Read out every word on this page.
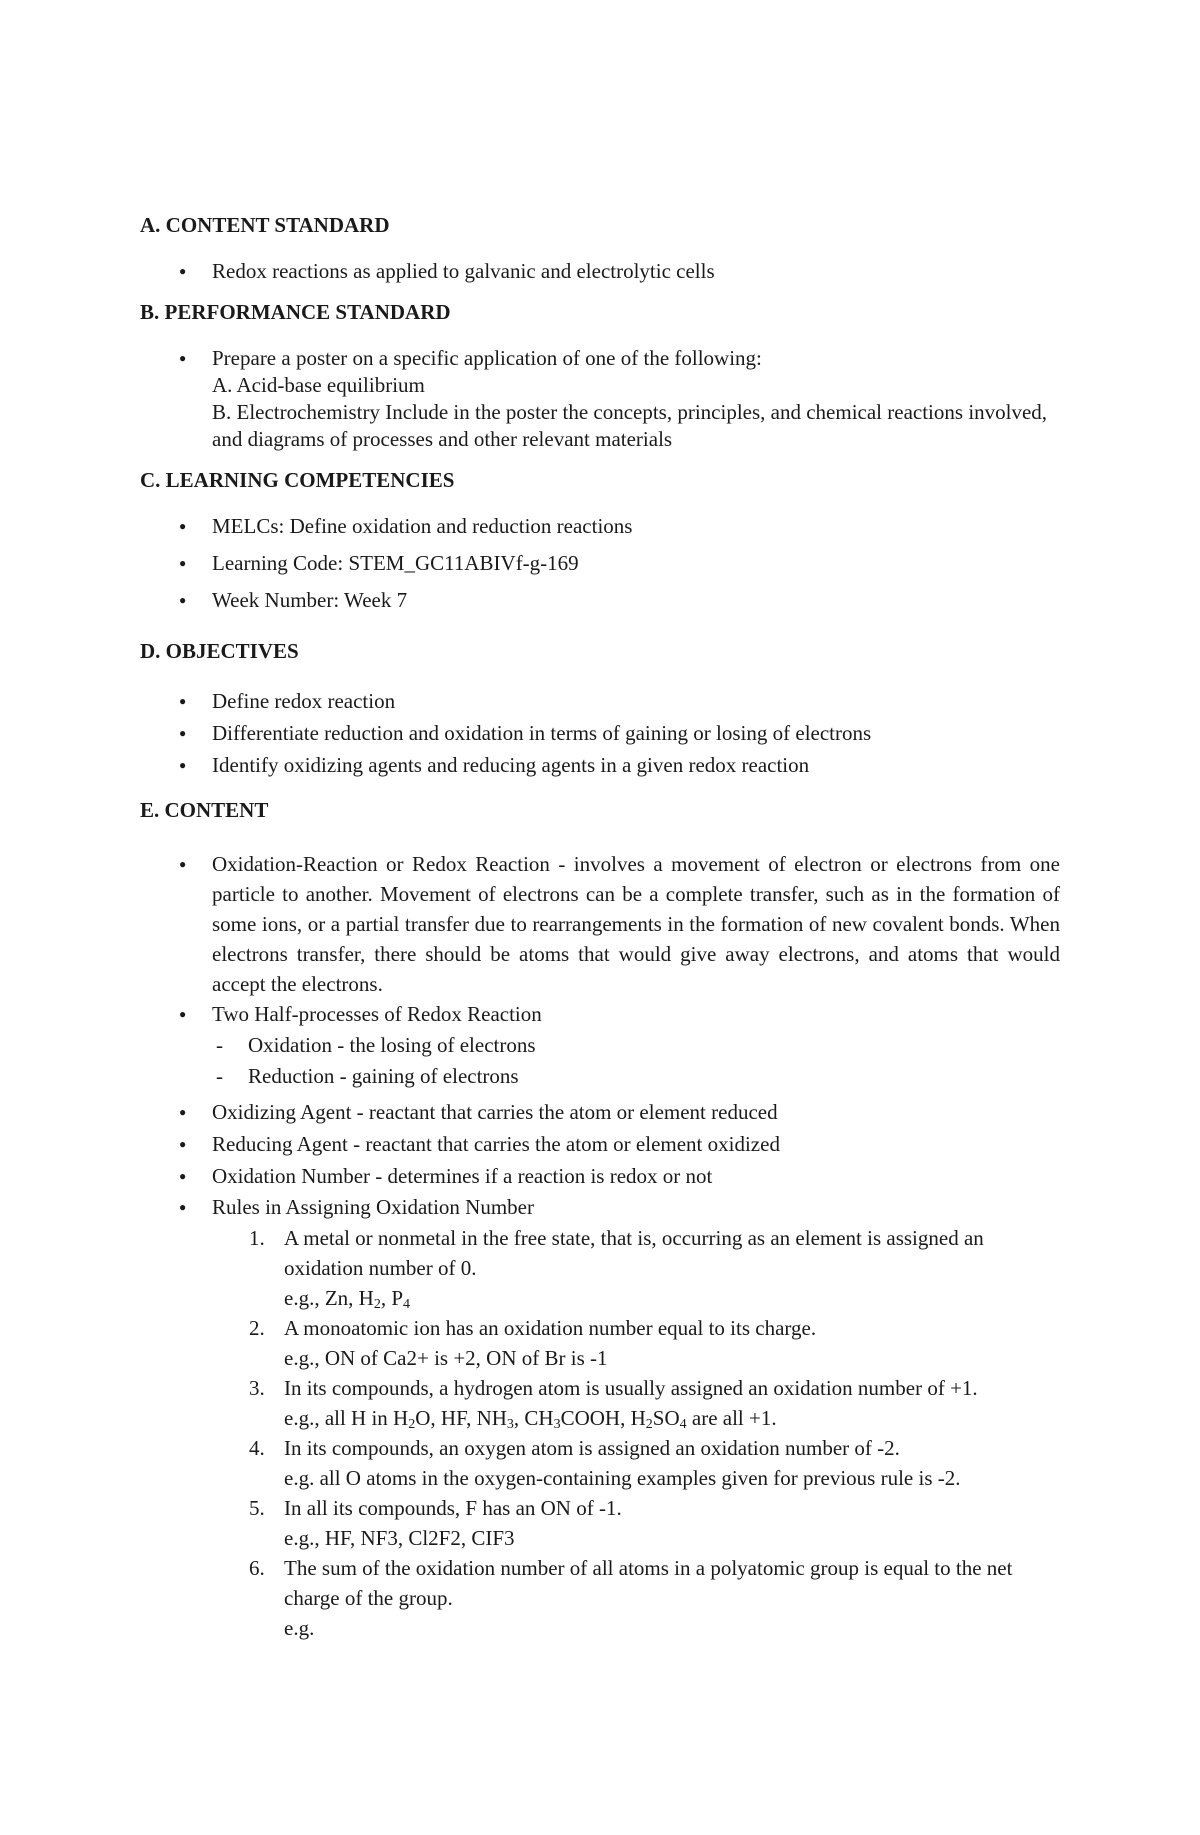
A. CONTENT STANDARD
● Redox reactions as applied to galvanic and electrolytic cells
B. PERFORMANCE STANDARD
● Prepare a poster on a specific application of one of the following:
A. Acid-base equilibrium
B. Electrochemistry Include in the poster the concepts, principles, and chemical reactions involved, and diagrams of processes and other relevant materials
C. LEARNING COMPETENCIES
● MELCs: Define oxidation and reduction reactions
● Learning Code: STEM_GC11ABIVf-g-169
● Week Number: Week 7
D. OBJECTIVES
● Define redox reaction
● Differentiate reduction and oxidation in terms of gaining or losing of electrons
● Identify oxidizing agents and reducing agents in a given redox reaction
E. CONTENT
● Oxidation-Reaction or Redox Reaction - involves a movement of electron or electrons from one particle to another. Movement of electrons can be a complete transfer, such as in the formation of some ions, or a partial transfer due to rearrangements in the formation of new covalent bonds. When electrons transfer, there should be atoms that would give away electrons, and atoms that would accept the electrons.
● Two Half-processes of Redox Reaction
- Oxidation - the losing of electrons
- Reduction - gaining of electrons
● Oxidizing Agent - reactant that carries the atom or element reduced
● Reducing Agent - reactant that carries the atom or element oxidized
● Oxidation Number - determines if a reaction is redox or not
● Rules in Assigning Oxidation Number
1. A metal or nonmetal in the free state, that is, occurring as an element is assigned an oxidation number of 0.
e.g., Zn, $H_2$, $P_4$
2. A monoatomic ion has an oxidation number equal to its charge.
e.g., ON of Ca2+ is +2, ON of Br is -1
3. In its compounds, a hydrogen atom is usually assigned an oxidation number of +1.
e.g., all H in $H_2O$, HF, $NH_3$, $CH_3COOH$, $H_2SO_4$ are all +1.
4. In its compounds, an oxygen atom is assigned an oxidation number of -2.
e.g. all O atoms in the oxygen-containing examples given for previous rule is -2.
5. In all its compounds, F has an ON of -1.
e.g., HF, NF3, Cl2F2, CIF3
6. The sum of the oxidation number of all atoms in a polyatomic group is equal to the net charge of the group.
e.g.
